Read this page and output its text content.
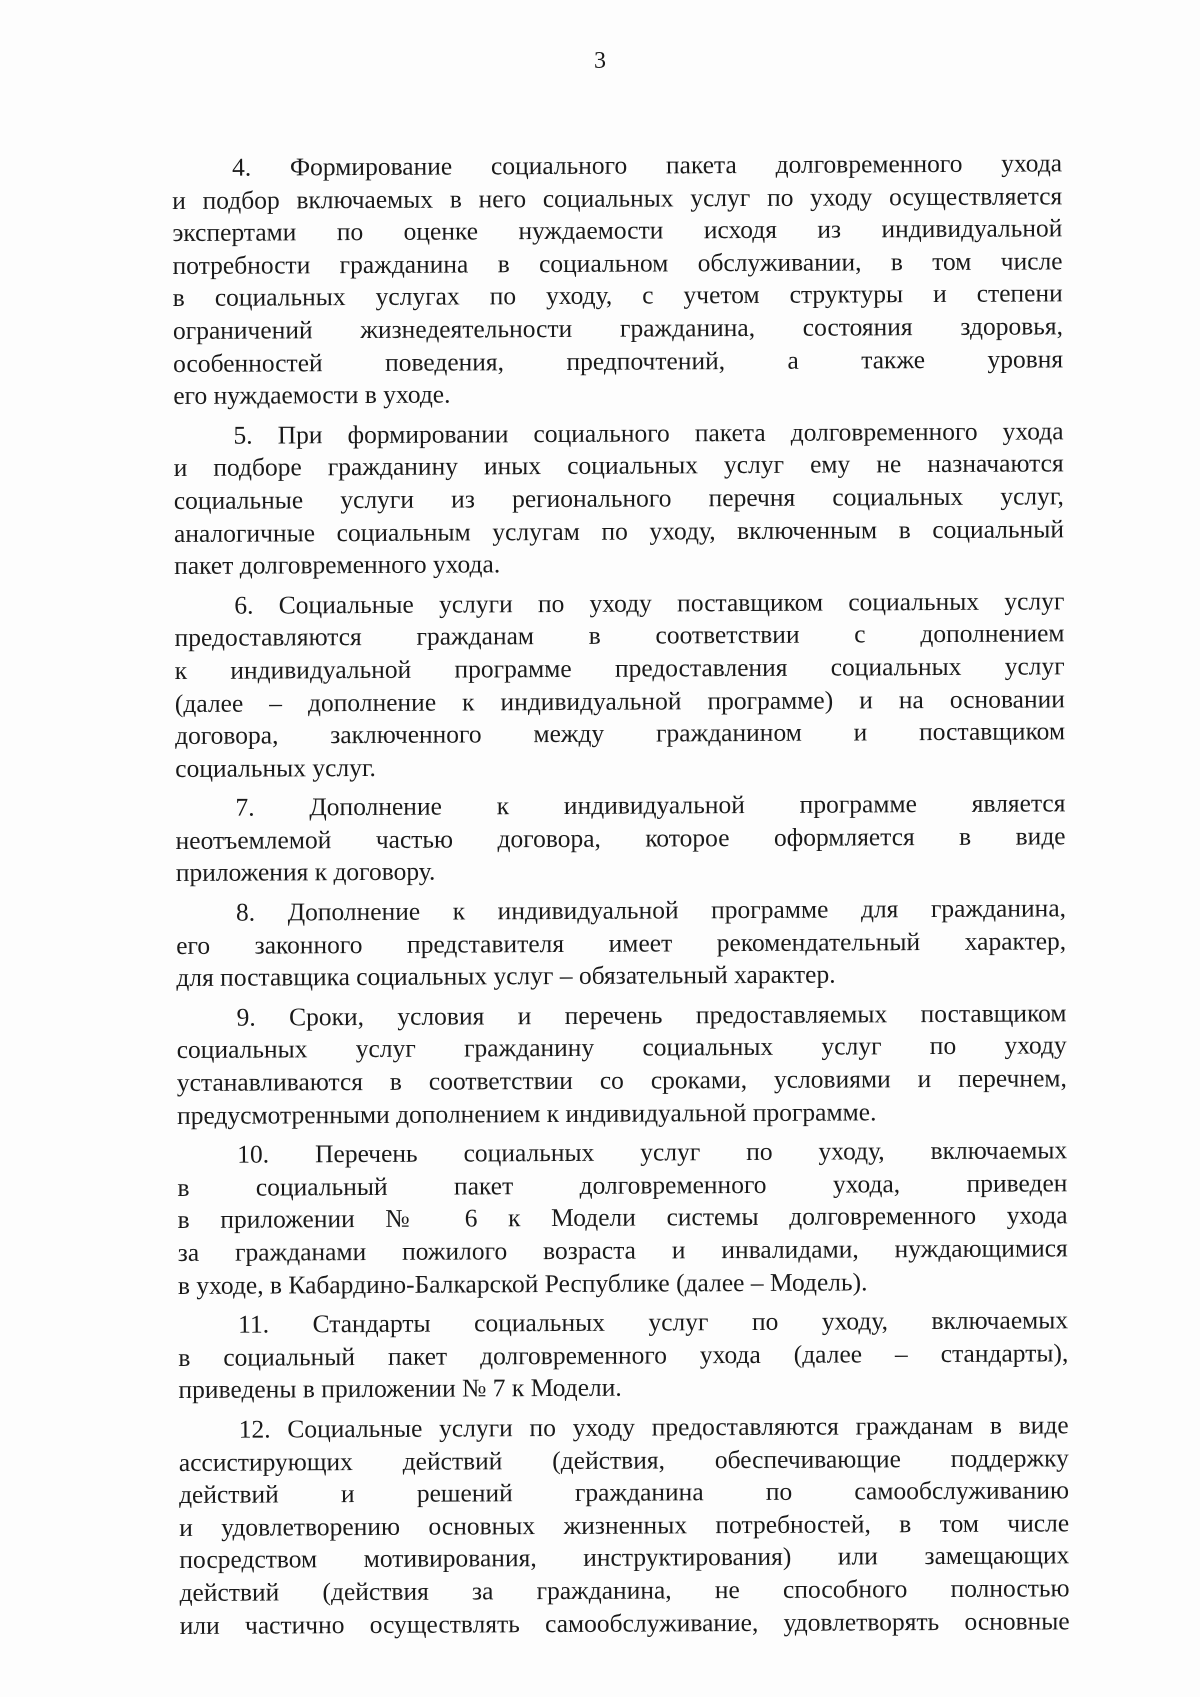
3

4. Формирование социального пакета долговременного ухода
и подбор включаемых в него социальных услуг по уходу осуществляется
экспертами по оценке нуждаемости исходя из индивидуальной
потребности гражданина в социальном обслуживании, в том числе
в социальных услугах по уходу, с учетом структуры и степени
ограничений жизнедеятельности гражданина, состояния здоровья,
особенностей поведения, предпочтений, а также уровня
его нуждаемости в уходе.

5. При формировании социального пакета долговременного ухода
и подборе гражданину иных социальных услуг ему не назначаются
социальные услуги из регионального перечня социальных услуг,
аналогичные социальным услугам по уходу, включенным в социальный
пакет долговременного ухода.

6. Социальные услуги по уходу поставщиком социальных услуг
предоставляются гражданам в соответствии с дополнением
к индивидуальной программе предоставления социальных услуг
(далее – дополнение к индивидуальной программе) и на основании
договора, заключенного между гражданином и поставщиком
социальных услуг.

7. Дополнение к индивидуальной программе является
неотъемлемой частью договора, которое оформляется в виде
приложения к договору.

8. Дополнение к индивидуальной программе для гражданина,
его законного представителя имеет рекомендательный характер,
для поставщика социальных услуг – обязательный характер.

9. Сроки, условия и перечень предоставляемых поставщиком
социальных услуг гражданину социальных услуг по уходу
устанавливаются в соответствии со сроками, условиями и перечнем,
предусмотренными дополнением к индивидуальной программе.

10. Перечень социальных услуг по уходу, включаемых
в социальный пакет долговременного ухода, приведен
в приложении № 6 к Модели системы долговременного ухода
за гражданами пожилого возраста и инвалидами, нуждающимися
в уходе, в Кабардино-Балкарской Республике (далее – Модель).

11. Стандарты социальных услуг по уходу, включаемых
в социальный пакет долговременного ухода (далее – стандарты),
приведены в приложении № 7 к Модели.

12. Социальные услуги по уходу предоставляются гражданам в виде
ассистирующих действий (действия, обеспечивающие поддержку
действий и решений гражданина по самообслуживанию
и удовлетворению основных жизненных потребностей, в том числе
посредством мотивирования, инструктирования) или замещающих
действий (действия за гражданина, не способного полностью
или частично осуществлять самообслуживание, удовлетворять основные
